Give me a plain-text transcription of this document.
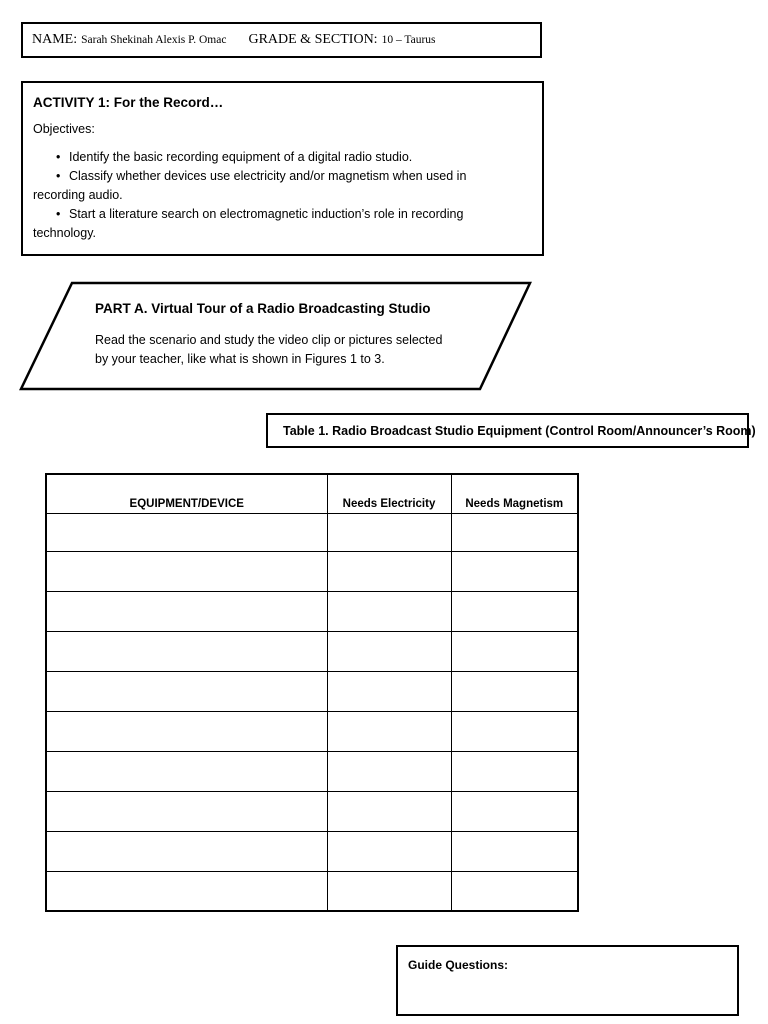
NAME: Sarah Shekinah Alexis P. Omac GRADE & SECTION: 10 – Taurus

ACTIVITY 1: For the Record…

Objectives:

• Identify the basic recording equipment of a digital radio studio.

• Classify whether devices use electricity and/or magnetism when used in

recording audio.

• Start a literature search on electromagnetic induction’s role in recording

technology.

PART A. Virtual Tour of a Radio Broadcasting Studio
Read the scenario and study the video clip or pictures selected
by your teacher, like what is shown in Figures 1 to 3.
Table 1. Radio Broadcast Studio Equipment (Control Room/Announcer’s Room)
EQUIPMENT/DEVICE	Needs Electricity	Needs Magnetism

Guide Questions:
